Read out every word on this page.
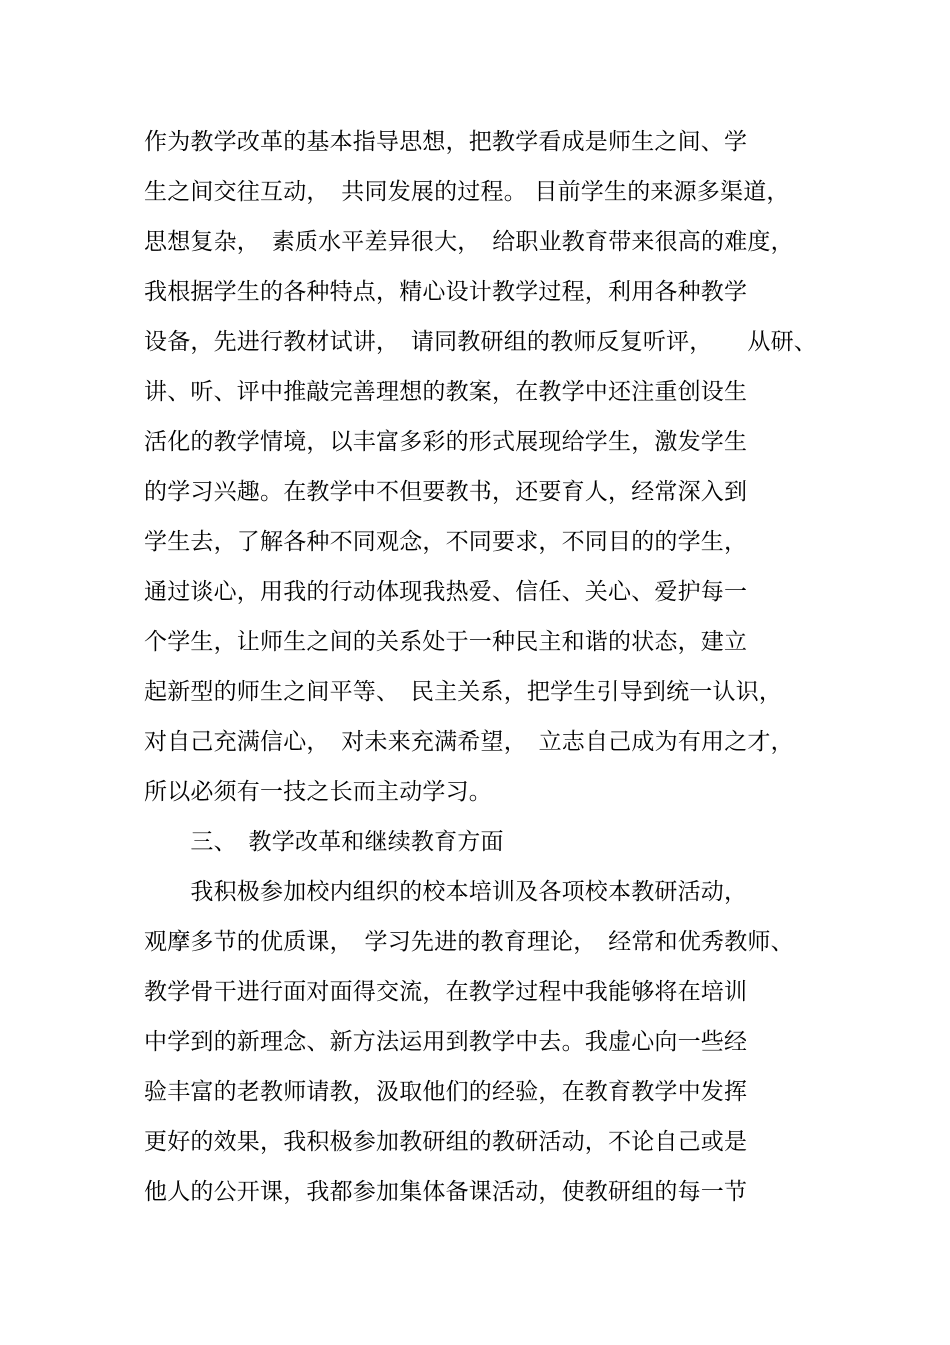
作为教学改革的基本指导思想，把教学看成是师生之间、学
生之间交往互动，　共同发展的过程。 目前学生的来源多渠道，
思想复杂，　素质水平差异很大，　给职业教育带来很高的难度，
我根据学生的各种特点，精心设计教学过程，利用各种教学
设备，先进行教材试讲，　请同教研组的教师反复听评，　　从研、
讲、听、评中推敲完善理想的教案，在教学中还注重创设生
活化的教学情境，以丰富多彩的形式展现给学生，激发学生
的学习兴趣。在教学中不但要教书，还要育人，经常深入到
学生去，了解各种不同观念，不同要求，不同目的的学生，
通过谈心，用我的行动体现我热爱、信任、关心、爱护每一
个学生，让师生之间的关系处于一种民主和谐的状态，建立
起新型的师生之间平等、　民主关系，把学生引导到统一认识，
对自己充满信心，　对未来充满希望，　立志自己成为有用之才，
所以必须有一技之长而主动学习。
　　三、　教学改革和继续教育方面
　　我积极参加校内组织的校本培训及各项校本教研活动，
观摩多节的优质课，　学习先进的教育理论，　经常和优秀教师、
教学骨干进行面对面得交流，在教学过程中我能够将在培训
中学到的新理念、新方法运用到教学中去。我虚心向一些经
验丰富的老教师请教，汲取他们的经验，在教育教学中发挥
更好的效果，我积极参加教研组的教研活动，不论自己或是
他人的公开课，我都参加集体备课活动，使教研组的每一节
